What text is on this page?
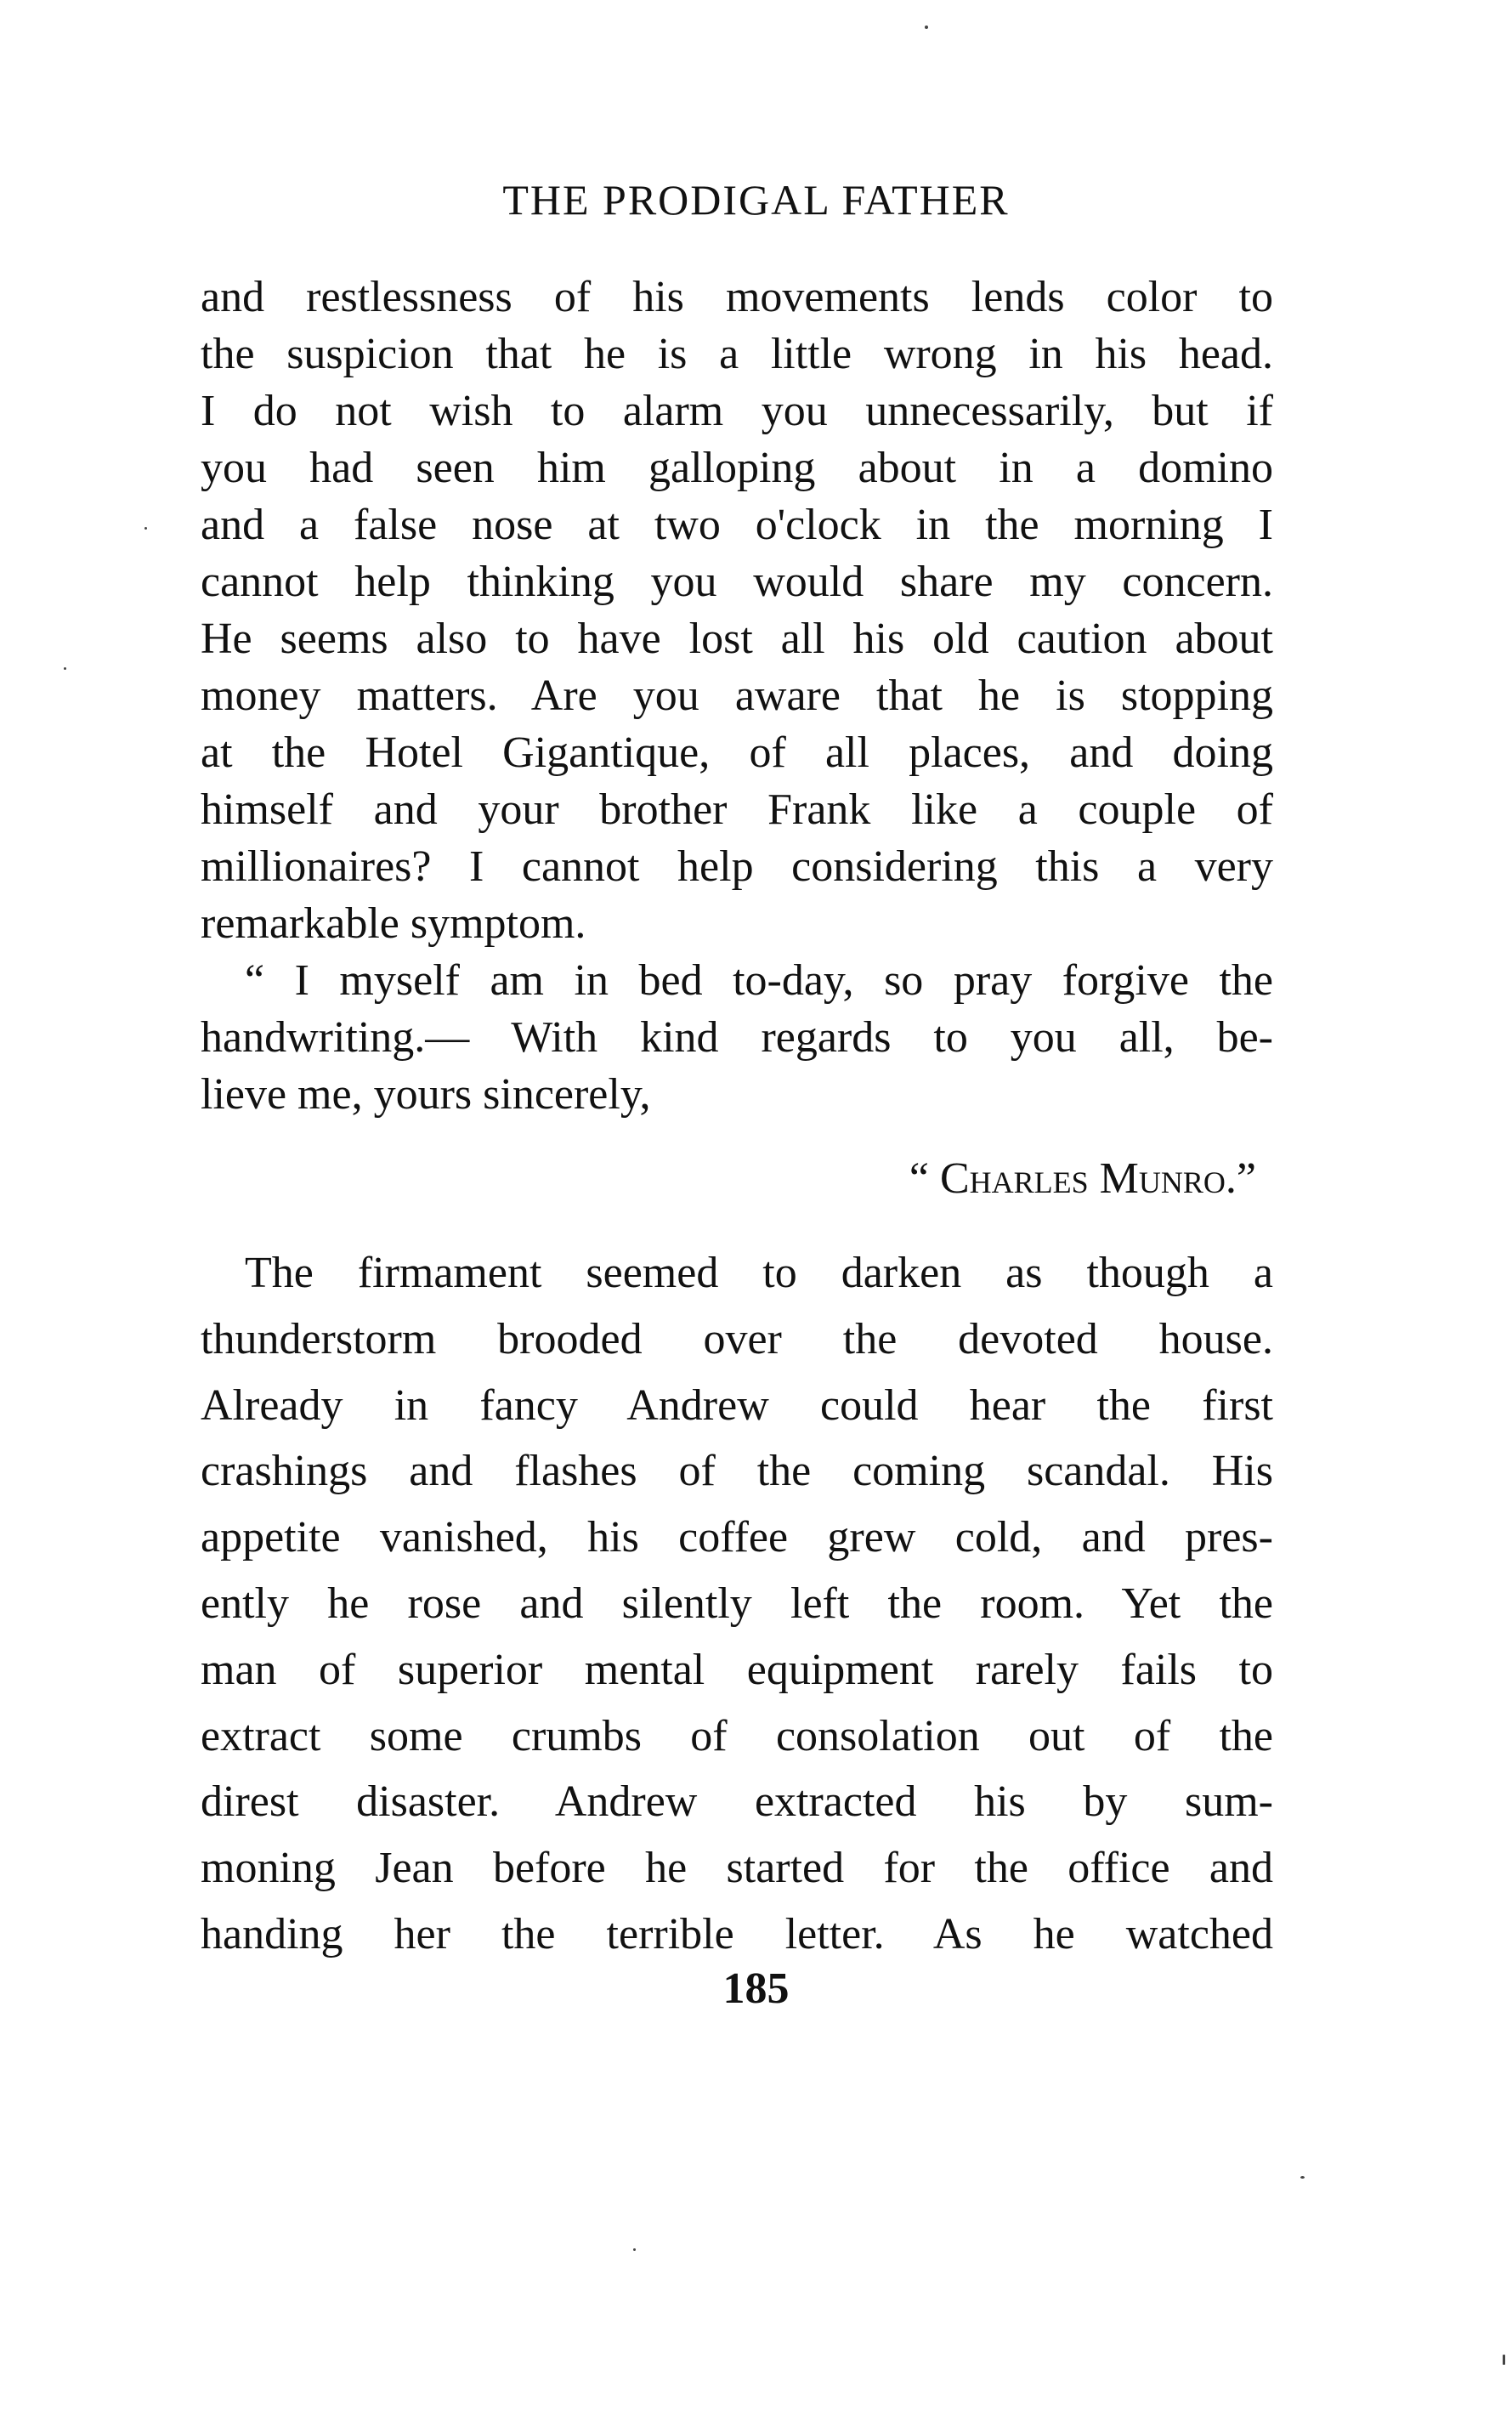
THE PRODIGAL FATHER
and restlessness of his movements lends color to
the suspicion that he is a little wrong in his head.
I do not wish to alarm you unnecessarily, but if
you had seen him galloping about in a domino
and a false nose at two o'clock in the morning I
cannot help thinking you would share my concern.
He seems also to have lost all his old caution about
money matters. Are you aware that he is stopping
at the Hotel Gigantique, of all places, and doing
himself and your brother Frank like a couple of
millionaires? I cannot help considering this a very
remarkable symptom.
“ I myself am in bed to-day, so pray forgive the
handwriting.— With kind regards to you all, be-
lieve me, yours sincerely,
“ Charles Munro.”
The firmament seemed to darken as though a
thunderstorm brooded over the devoted house.
Already in fancy Andrew could hear the first
crashings and flashes of the coming scandal. His
appetite vanished, his coffee grew cold, and pres-
ently he rose and silently left the room. Yet the
man of superior mental equipment rarely fails to
extract some crumbs of consolation out of the
direst disaster. Andrew extracted his by sum-
moning Jean before he started for the office and
handing her the terrible letter. As he watched
185
